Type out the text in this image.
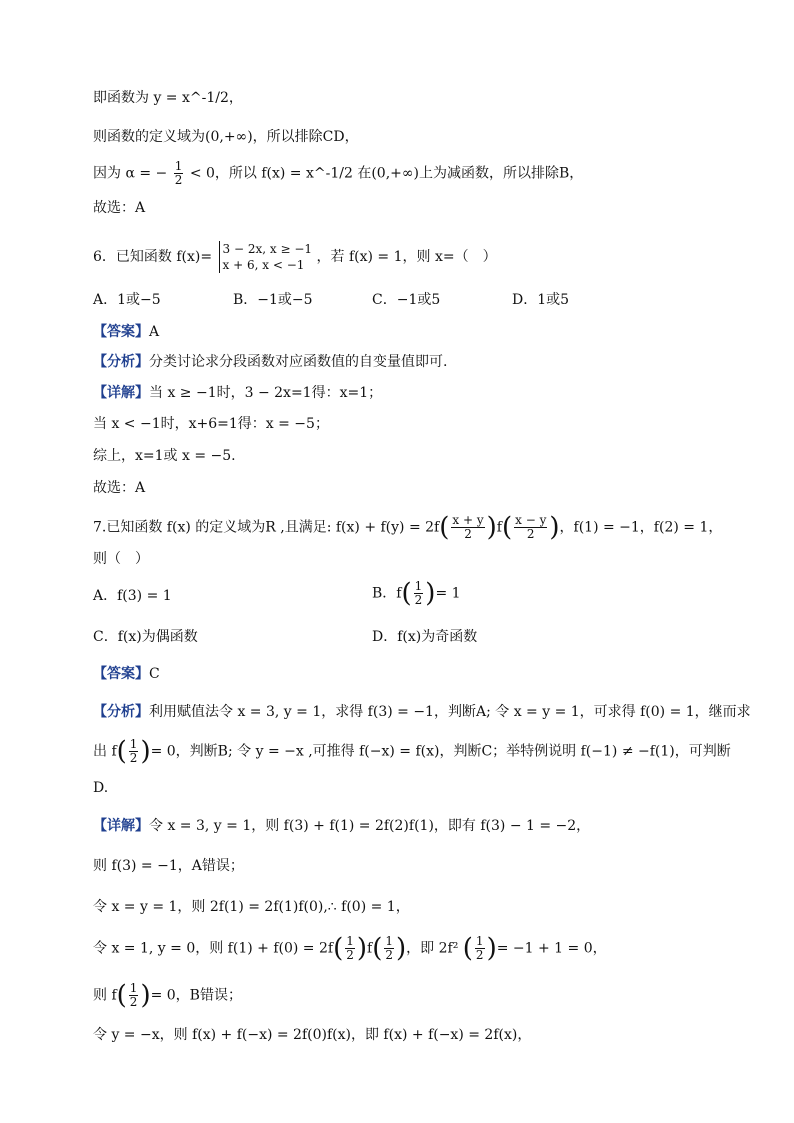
即函数为 y = x^-1/2，
则函数的定义域为(0,+∞)，所以排除CD，
因为 α = − $\frac{1}{2} < 0$，所以 f(x) = x^-1/2 在(0,+∞)上为减函数，所以排除B，
故选：A
6．已知函数 f(x)= 3 − 2x, x ≥ −1
x + 6, x < −1 ，若 f(x) = 1，则 x=（　）
A．1或−5	B．−1或−5	C．−1或5	D．1或5
【答案】A
【分析】分类讨论求分段函数对应函数值的自变量值即可.
【详解】当 x ≥ −1时，3 − 2x=1得：x=1；
当 x < −1时，x+6=1得：x = −5；
综上，x=1或 x = −5.
故选：A
7.已知函数 f(x) 的定义域为R ,且满足: $f(x) + f(y) = 2f( \frac{x + y}{2} )f( \frac{x - y}{2}$ )，f(1) = −1，f(2) = 1，
则（　）
A．f(3) = 1	B．$f( \frac{1}{2}$ )= 1
C．f(x)为偶函数	D．f(x)为奇函数
【答案】C
【分析】利用赋值法令 x = 3, y = 1，求得 f(3) = −1，判断A; 令 x = y = 1，可求得 f(0) = 1，继而求
出 $f( \frac{1}{2}$ )= 0，判断B; 令 y = −x ,可推得 f(−x) = f(x)，判断C；举特例说明 f(−1) ≠ −f(1)，可判断
D.
【详解】令 x = 3, y = 1，则 f(3) + f(1) = 2f(2)f(1)，即有 f(3) − 1 = −2，
则 f(3) = −1，A错误；
令 x = y = 1，则 2f(1) = 2f(1)f(0),∴ f(0) = 1，
令 x = 1, y = 0，则 $f(1) + f(0) = 2f( \frac{1}{2} )f( \frac{1}{2}$ )，即 2f² ( $\frac{1}{2}$ )= −1 + 1 = 0，
则 $f( \frac{1}{2}$ )= 0，B错误；
令 y = −x，则 f(x) + f(−x) = 2f(0)f(x)，即 f(x) + f(−x) = 2f(x)，
